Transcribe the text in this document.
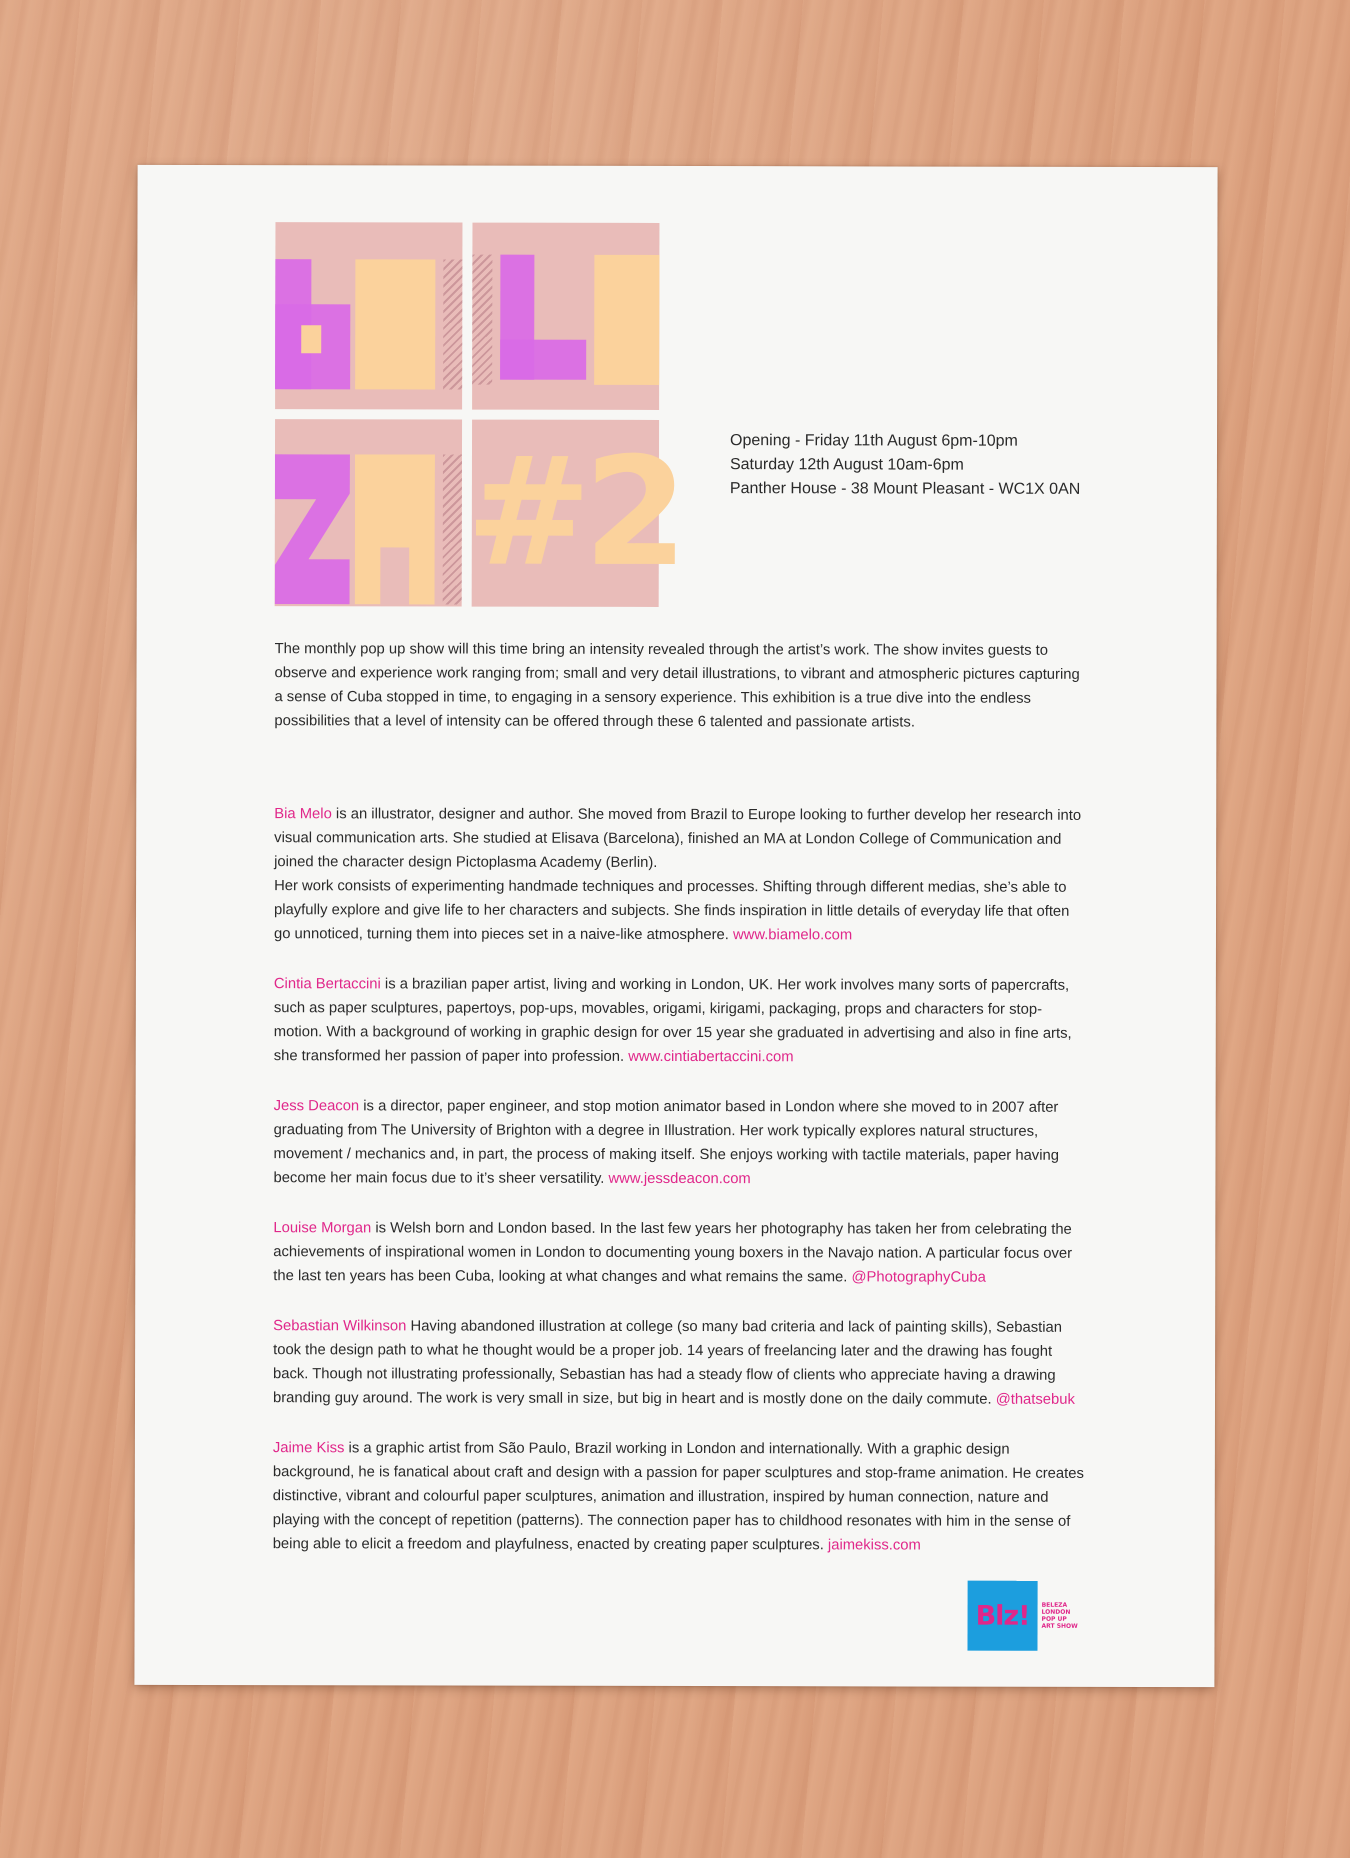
#2	Opening - Friday 11th August 6pm-10pm
Saturday 12th August 10am-6pm
Panther House - 38 Mount Pleasant - WC1X 0AN

The monthly pop up show will this time bring an intensity revealed through the artist’s work. The show invites guests to observe and experience work ranging from; small and very detail illustrations, to vibrant and atmospheric pictures capturing a sense of Cuba stopped in time, to engaging in a sensory experience. This exhibition is a true dive into the endless possibilities that a level of intensity can be offered through these 6 talented and passionate artists.

Bia Melo is an illustrator, designer and author. She moved from Brazil to Europe looking to further develop her research into visual communication arts. She studied at Elisava (Barcelona), finished an MA at London College of Communication and joined the character design Pictoplasma Academy (Berlin).
Her work consists of experimenting handmade techniques and processes. Shifting through different medias, she’s able to playfully explore and give life to her characters and subjects. She finds inspiration in little details of everyday life that often go unnoticed, turning them into pieces set in a naive-like atmosphere. www.biamelo.com

Cintia Bertaccini is a brazilian paper artist, living and working in London, UK. Her work involves many sorts of papercrafts, such as paper sculptures, papertoys, pop-ups, movables, origami, kirigami, packaging, props and characters for stop-motion. With a background of working in graphic design for over 15 year she graduated in advertising and also in fine arts, she transformed her passion of paper into profession. www.cintiabertaccini.com

Jess Deacon is a director, paper engineer, and stop motion animator based in London where she moved to in 2007 after graduating from The University of Brighton with a degree in Illustration. Her work typically explores natural structures, movement / mechanics and, in part, the process of making itself. She enjoys working with tactile materials, paper having become her main focus due to it’s sheer versatility. www.jessdeacon.com

Louise Morgan is Welsh born and London based. In the last few years her photography has taken her from celebrating the achievements of inspirational women in London to documenting young boxers in the Navajo nation. A particular focus over the last ten years has been Cuba, looking at what changes and what remains the same. @PhotographyCuba

Sebastian Wilkinson Having abandoned illustration at college (so many bad criteria and lack of painting skills), Sebastian took the design path to what he thought would be a proper job. 14 years of freelancing later and the drawing has fought back. Though not illustrating professionally, Sebastian has had a steady flow of clients who appreciate having a drawing branding guy around. The work is very small in size, but big in heart and is mostly done on the daily commute. @thatsebuk

Jaime Kiss is a graphic artist from São Paulo, Brazil working in London and internationally. With a graphic design background, he is fanatical about craft and design with a passion for paper sculptures and stop-frame animation. He creates distinctive, vibrant and colourful paper sculptures, animation and illustration, inspired by human connection, nature and playing with the concept of repetition (patterns). The connection paper has to childhood resonates with him in the sense of being able to elicit a freedom and playfulness, enacted by creating paper sculptures. jaimekiss.com

Blz!	BELEZA
LONDON
POP UP
ART SHOW
